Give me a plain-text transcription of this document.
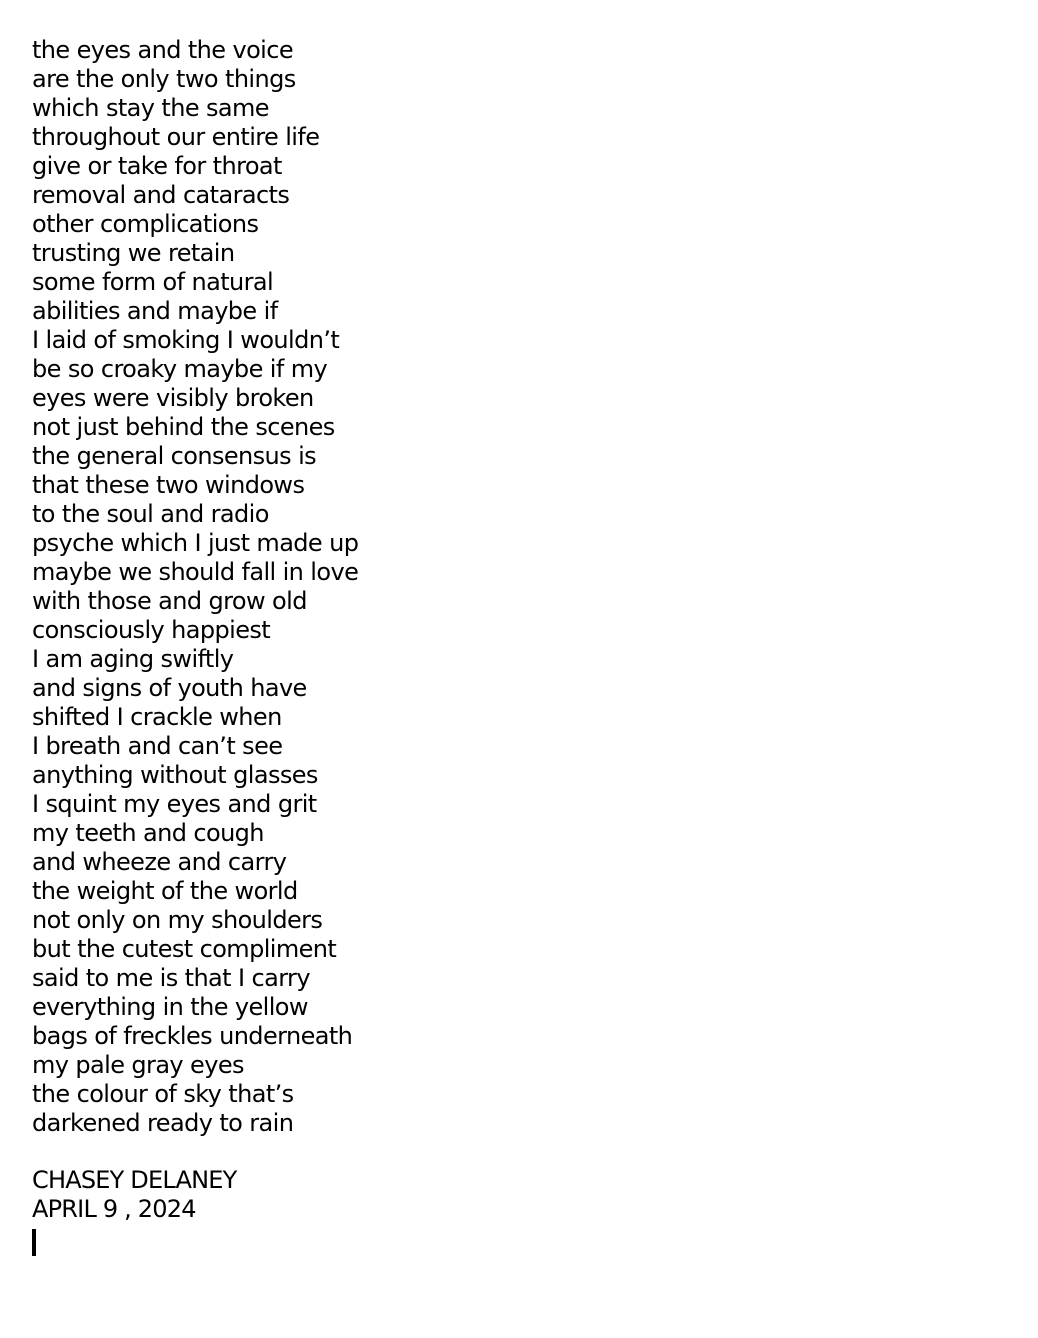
the eyes and the voice
are the only two things
which stay the same
throughout our entire life
give or take for throat
removal and cataracts
other complications
trusting we retain
some form of natural
abilities and maybe if
I laid of smoking I wouldn’t
be so croaky maybe if my
eyes were visibly broken
not just behind the scenes
the general consensus is
that these two windows
to the soul and radio
psyche which I just made up
maybe we should fall in love
with those and grow old
consciously happiest
I am aging swiftly
and signs of youth have
shifted I crackle when
I breath and can’t see
anything without glasses
I squint my eyes and grit
my teeth and cough
and wheeze and carry
the weight of the world
not only on my shoulders
but the cutest compliment
said to me is that I carry
everything in the yellow
bags of freckles underneath
my pale gray eyes
the colour of sky that’s
darkened ready to rain
CHASEY DELANEY
APRIL 9 , 2024
